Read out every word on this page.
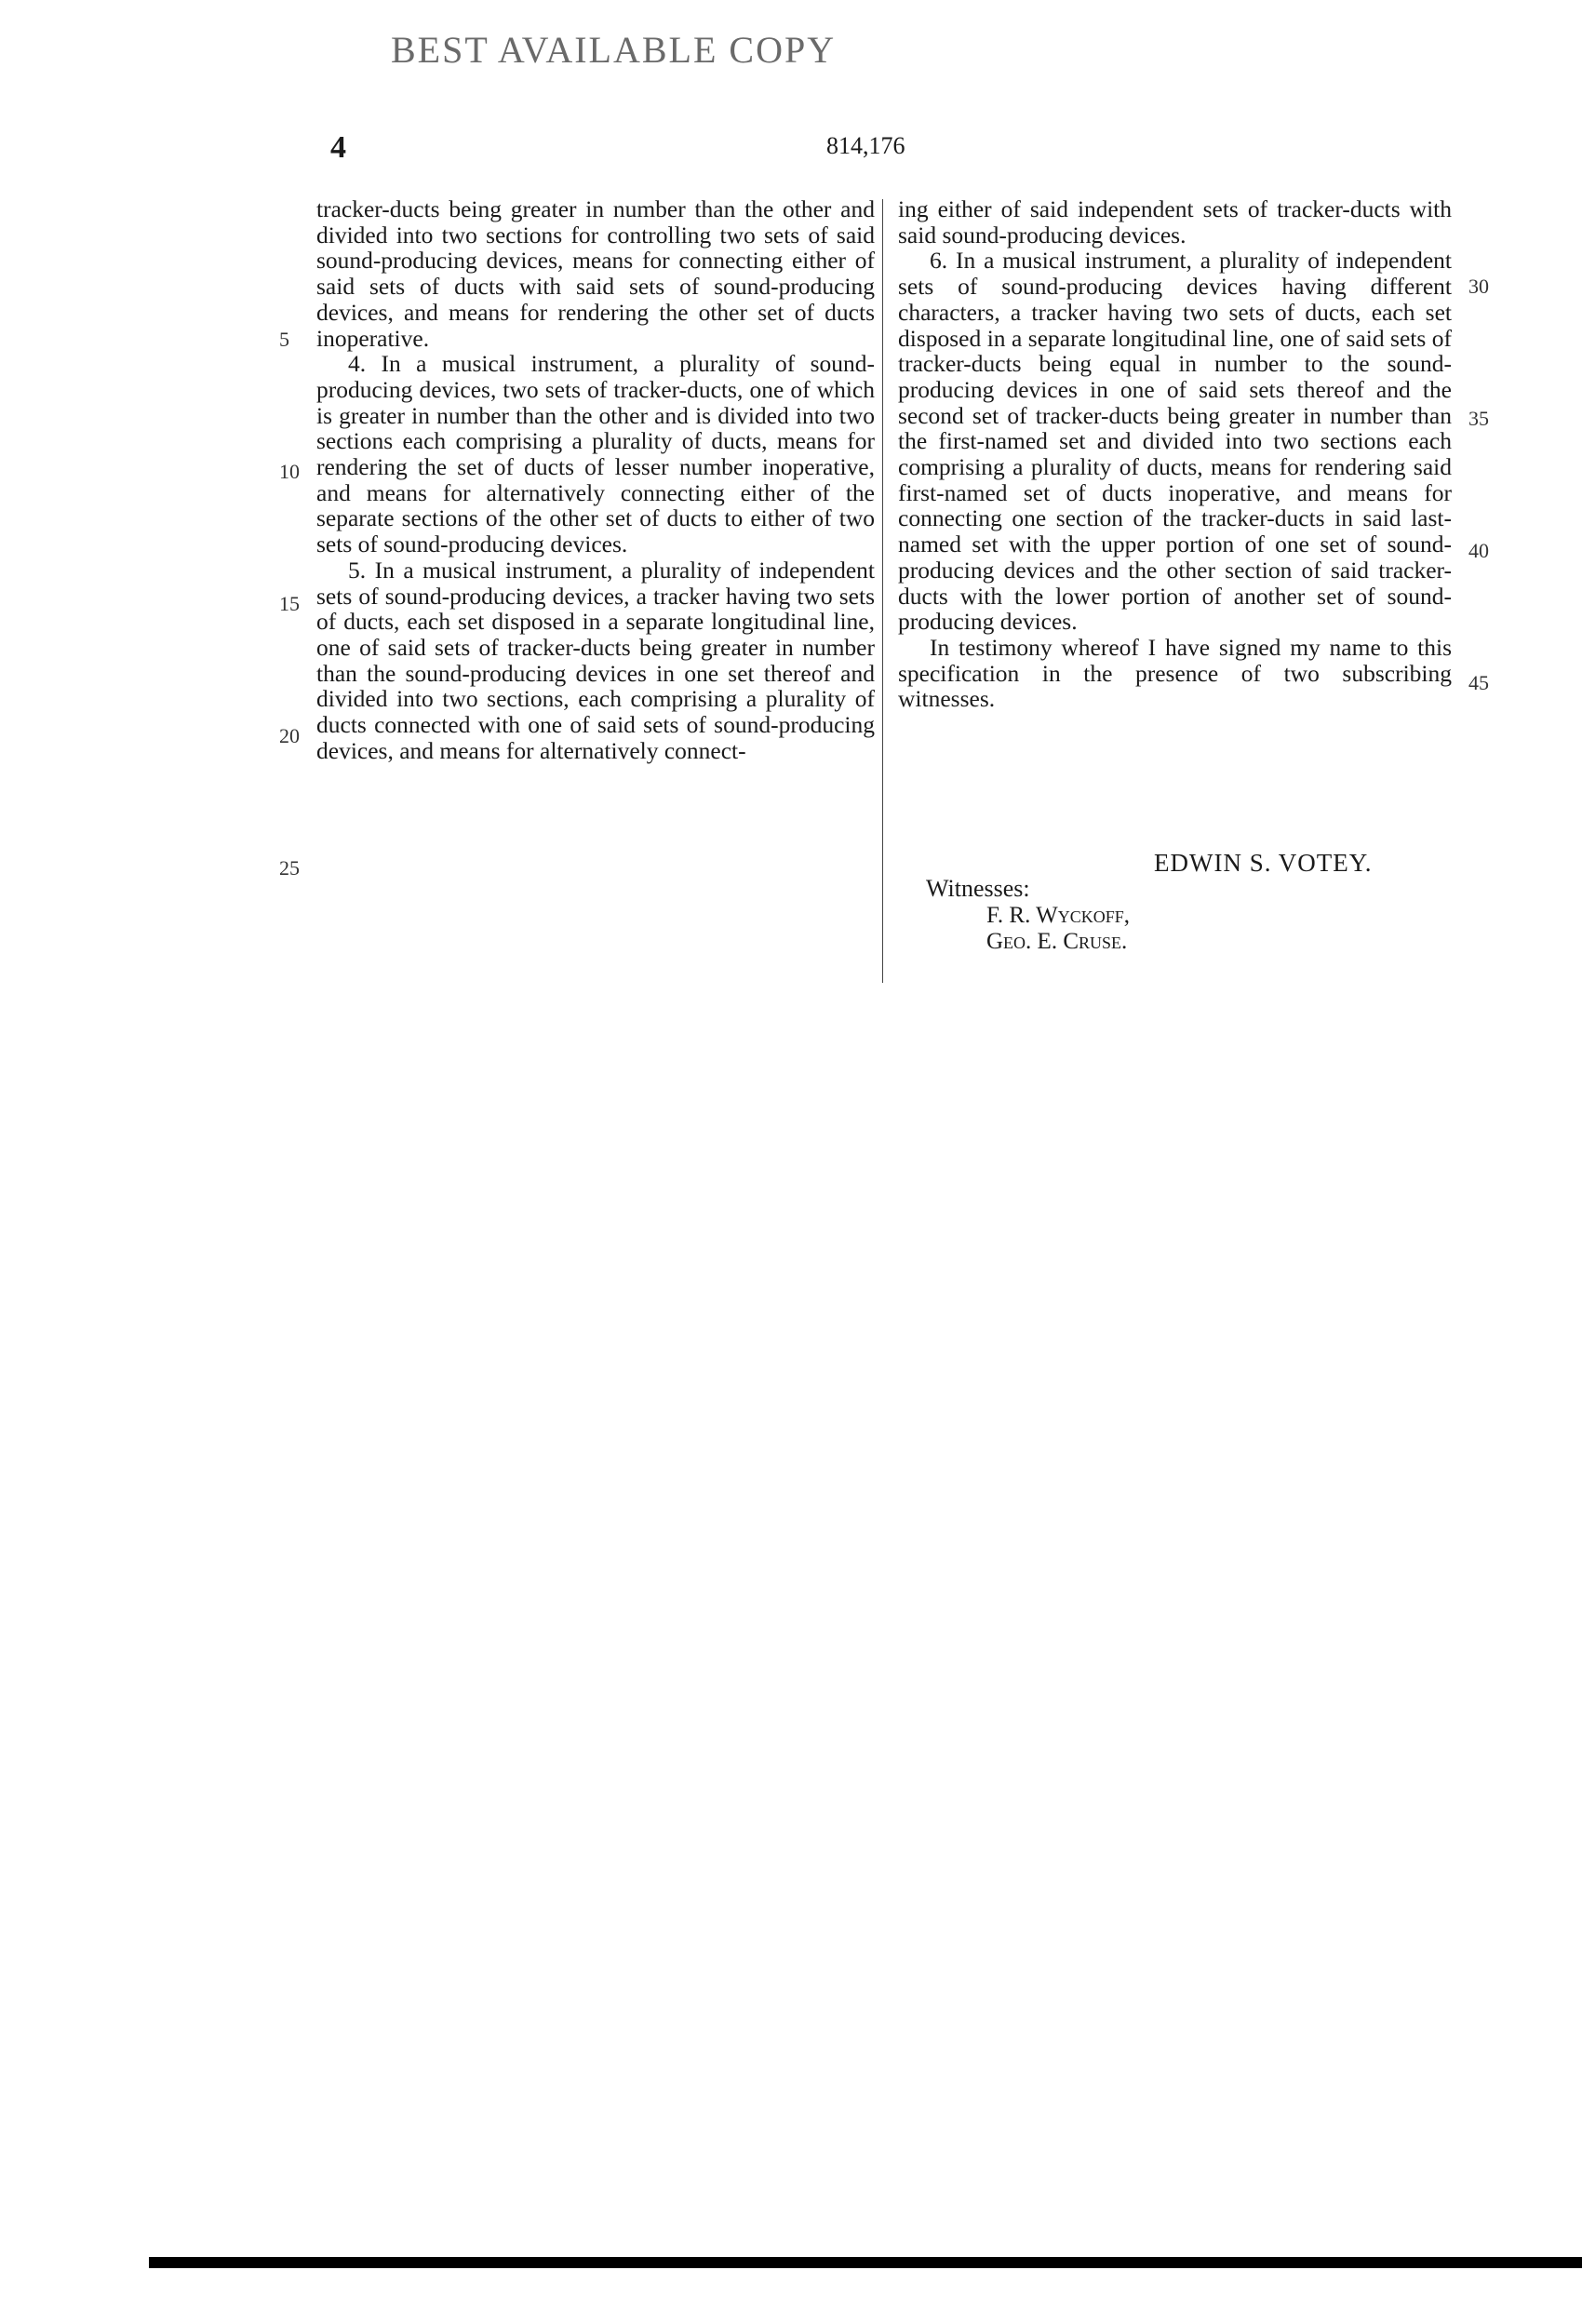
BEST AVAILABLE COPY
4	814,176

tracker-ducts being greater in number than the other and divided into two sections for controlling two sets of said sound-producing devices, means for connecting either of said sets of ducts with said sets of sound-producing devices, and means for rendering the other set of ducts inoperative.

4. In a musical instrument, a plurality of sound-producing devices, two sets of tracker-ducts, one of which is greater in number than the other and is divided into two sections each comprising a plurality of ducts, means for rendering the set of ducts of lesser number inoperative, and means for alternatively connecting either of the separate sections of the other set of ducts to either of two sets of sound-producing devices.

5. In a musical instrument, a plurality of independent sets of sound-producing devices, a tracker having two sets of ducts, each set disposed in a separate longitudinal line, one of said sets of tracker-ducts being greater in number than the sound-producing devices in one set thereof and divided into two sections, each comprising a plurality of ducts connected with one of said sets of sound-producing devices, and means for alternatively connect-

ing either of said independent sets of tracker-ducts with said sound-producing devices.

6. In a musical instrument, a plurality of independent sets of sound-producing devices having different characters, a tracker having two sets of ducts, each set disposed in a separate longitudinal line, one of said sets of tracker-ducts being equal in number to the sound-producing devices in one of said sets thereof and the second set of tracker-ducts being greater in number than the first-named set and divided into two sections each comprising a plurality of ducts, means for rendering said first-named set of ducts inoperative, and means for connecting one section of the tracker-ducts in said last-named set with the upper portion of one set of sound-producing devices and the other section of said tracker-ducts with the lower portion of another set of sound-producing devices.

In testimony whereof I have signed my name to this specification in the presence of two subscribing witnesses.

5
10
15
20
25
30
35
40
45
EDWIN S. VOTEY.
Witnesses:
F. R. Wyckoff,
Geo. E. Cruse.
